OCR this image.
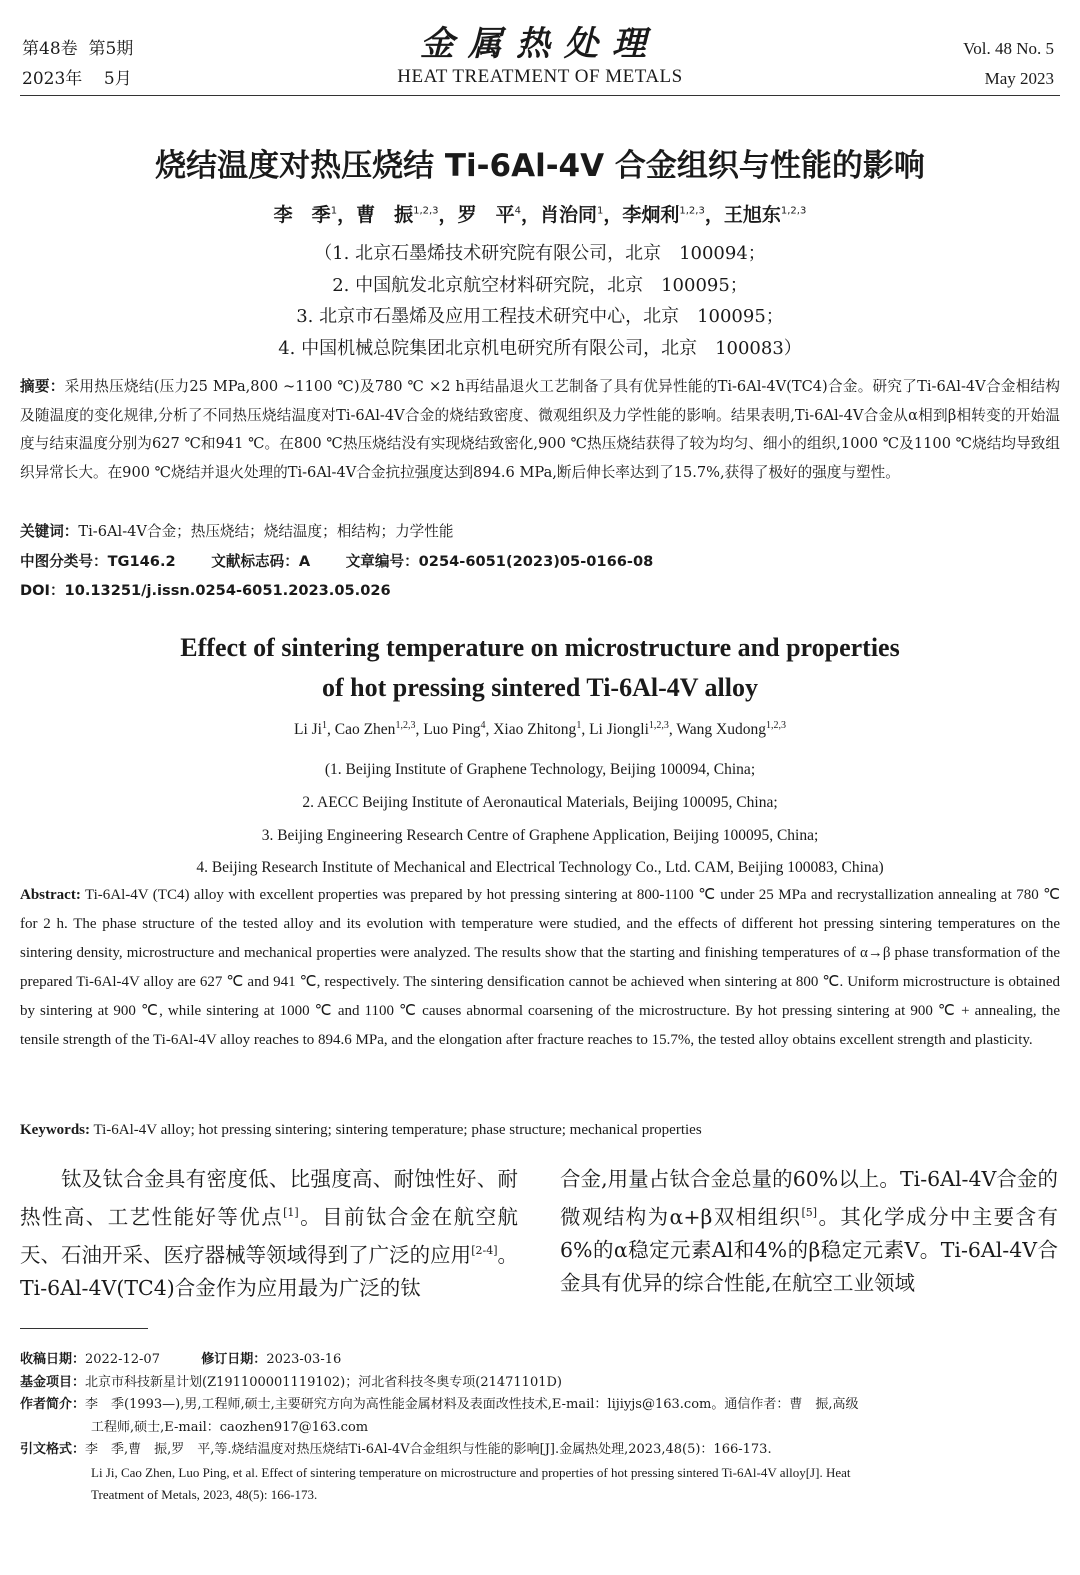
第48卷  第5期
2023年    5月
金属热处理
HEAT TREATMENT OF METALS
Vol. 48 No. 5
May 2023
烧结温度对热压烧结 Ti-6Al-4V 合金组织与性能的影响
李　季$^1$，曹　振$^{1,2,3}$，罗　平$^4$，肖治同$^1$，李炯利$^{1,2,3}$，王旭东$^{1,2,3}$
（1. 北京石墨烯技术研究院有限公司，北京　100094；
2. 中国航发北京航空材料研究院，北京　100095；
3. 北京市石墨烯及应用工程技术研究中心，北京　100095；
4. 中国机械总院集团北京机电研究所有限公司，北京　100083）
摘要：采用热压烧结(压力25 MPa,800 ~1100 ℃)及780 ℃ ×2 h再结晶退火工艺制备了具有优异性能的Ti-6Al-4V(TC4)合金。研究了Ti-6Al-4V合金相结构及随温度的变化规律,分析了不同热压烧结温度对Ti-6Al-4V合金的烧结致密度、微观组织及力学性能的影响。结果表明,Ti-6Al-4V合金从α相到β相转变的开始温度与结束温度分别为627 ℃和941 ℃。在800 ℃热压烧结没有实现烧结致密化,900 ℃热压烧结获得了较为均匀、细小的组织,1000 ℃及1100 ℃烧结均导致组织异常长大。在900 ℃烧结并退火处理的Ti-6Al-4V合金抗拉强度达到894.6 MPa,断后伸长率达到了15.7%,获得了极好的强度与塑性。
关键词：Ti-6Al-4V合金；热压烧结；烧结温度；相结构；力学性能
中图分类号：TG146.2 文献标志码：A 文章编号：0254-6051(2023)05-0166-08
DOI：10.13251/j.issn.0254-6051.2023.05.026
Effect of sintering temperature on microstructure and properties
of hot pressing sintered Ti-6Al-4V alloy
Li Ji$^1$, Cao Zhen$^{1,2,3}$, Luo Ping$^4$, Xiao Zhitong$^1$, Li Jiongli$^{1,2,3}$, Wang Xudong$^{1,2,3}$
(1. Beijing Institute of Graphene Technology, Beijing 100094, China;
2. AECC Beijing Institute of Aeronautical Materials, Beijing 100095, China;
3. Beijing Engineering Research Centre of Graphene Application, Beijing 100095, China;
4. Beijing Research Institute of Mechanical and Electrical Technology Co., Ltd. CAM, Beijing 100083, China)
Abstract: Ti-6Al-4V (TC4) alloy with excellent properties was prepared by hot pressing sintering at 800-1100 ℃ under 25 MPa and recrystallization annealing at 780 ℃ for 2 h. The phase structure of the tested alloy and its evolution with temperature were studied, and the effects of different hot pressing sintering temperatures on the sintering density, microstructure and mechanical properties were analyzed. The results show that the starting and finishing temperatures of α→β phase transformation of the prepared Ti-6Al-4V alloy are 627 ℃ and 941 ℃, respectively. The sintering densification cannot be achieved when sintering at 800 ℃. Uniform microstructure is obtained by sintering at 900 ℃, while sintering at 1000 ℃ and 1100 ℃ causes abnormal coarsening of the microstructure. By hot pressing sintering at 900 ℃ + annealing, the tensile strength of the Ti-6Al-4V alloy reaches to 894.6 MPa, and the elongation after fracture reaches to 15.7%, the tested alloy obtains excellent strength and plasticity.
Keywords: Ti-6Al-4V alloy; hot pressing sintering; sintering temperature; phase structure; mechanical properties
钛及钛合金具有密度低、比强度高、耐蚀性好、耐热性高、工艺性能好等优点[1]。目前钛合金在航空航天、石油开采、医疗器械等领域得到了广泛的应用[2-4]。Ti-6Al-4V(TC4)合金作为应用最为广泛的钛
合金,用量占钛合金总量的60%以上。Ti-6Al-4V合金的微观结构为α+β双相组织[5]。其化学成分中主要含有6%的α稳定元素Al和4%的β稳定元素V。Ti-6Al-4V合金具有优异的综合性能,在航空工业领域
收稿日期：2022-12-07	修订日期：2023-03-16
基金项目： 北京市科技新星计划(Z191100001119102)；河北省科技冬奥专项(21471101D)
作者简介： 李　季(1993—),男,工程师,硕士,主要研究方向为高性能金属材料及表面改性技术,E-mail：lijiyjs@163.com。通信作者：曹　振,高级
工程师,硕士,E-mail：caozhen917@163.com
引文格式： 李　季,曹　振,罗　平,等.烧结温度对热压烧结Ti-6Al-4V合金组织与性能的影响[J].金属热处理,2023,48(5)：166-173.
Li Ji, Cao Zhen, Luo Ping, et al. Effect of sintering temperature on microstructure and properties of hot pressing sintered Ti-6Al-4V alloy[J]. Heat
Treatment of Metals, 2023, 48(5): 166-173.
